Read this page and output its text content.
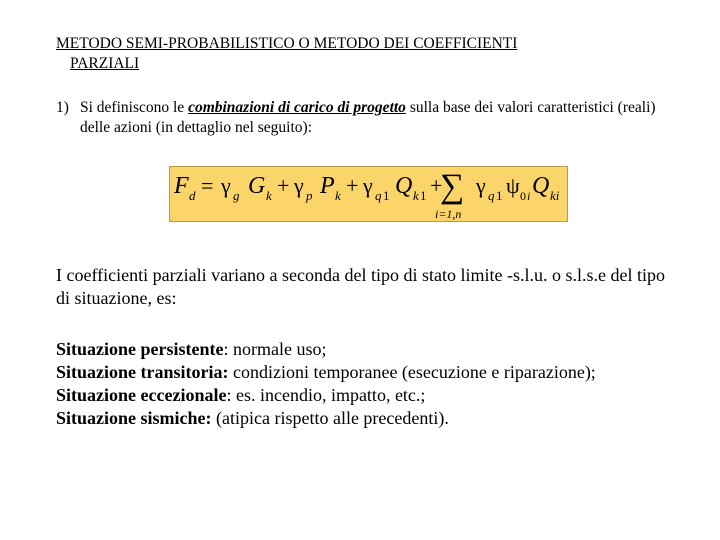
METODO SEMI-PROBABILISTICO O METODO DEI COEFFICIENTI
PARZIALI
1) Si definiscono le combinazioni di carico di progetto sulla base dei valori caratteristici (reali) delle azioni (in dettaglio nel seguito):
F d = γ g G k + γ p P k + γ q 1 Q k 1 +
∑
i=1,n
γ q 1 ψ 0 i Q ki
I coefficienti parziali variano a seconda del tipo di stato limite -s.l.u. o s.l.s.e del tipo di situazione, es:
Situazione persistente: normale uso;
Situazione transitoria: condizioni temporanee (esecuzione e riparazione);
Situazione eccezionale: es. incendio, impatto, etc.;
Situazione sismiche: (atipica rispetto alle precedenti).
